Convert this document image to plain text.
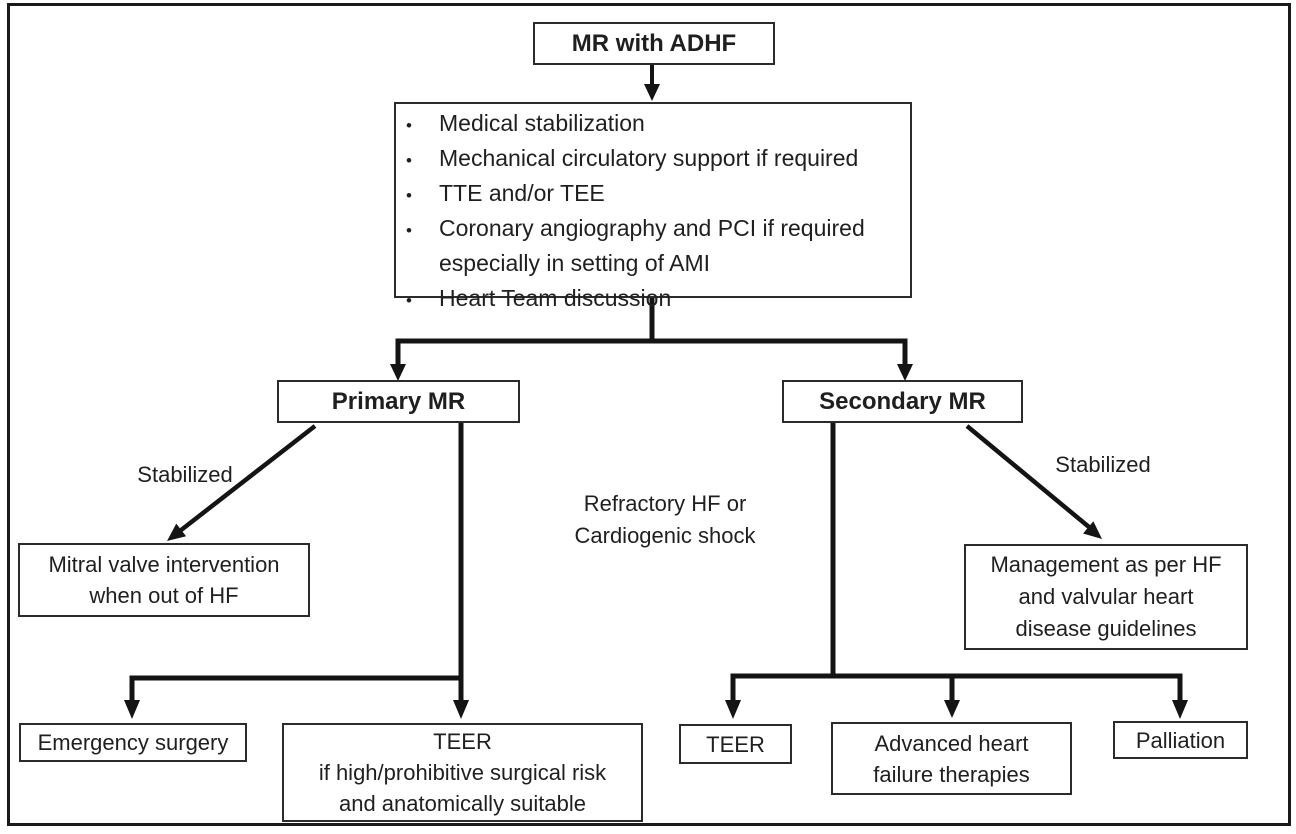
MR with ADHF
•	Medical stabilization
•	Mechanical circulatory support if required
•	TTE and/or TEE
•	Coronary angiography and PCI if required
especially in setting of AMI
•	Heart Team discussion
Primary MR	Secondary MR
Stabilized	Stabilized
Refractory HF or
Cardiogenic shock
Mitral valve intervention
when out of HF
Management as per HF
and valvular heart
disease guidelines
Emergency surgery	TEER
if high/prohibitive surgical risk
and anatomically suitable
TEER	Advanced heart
failure therapies
Palliation
